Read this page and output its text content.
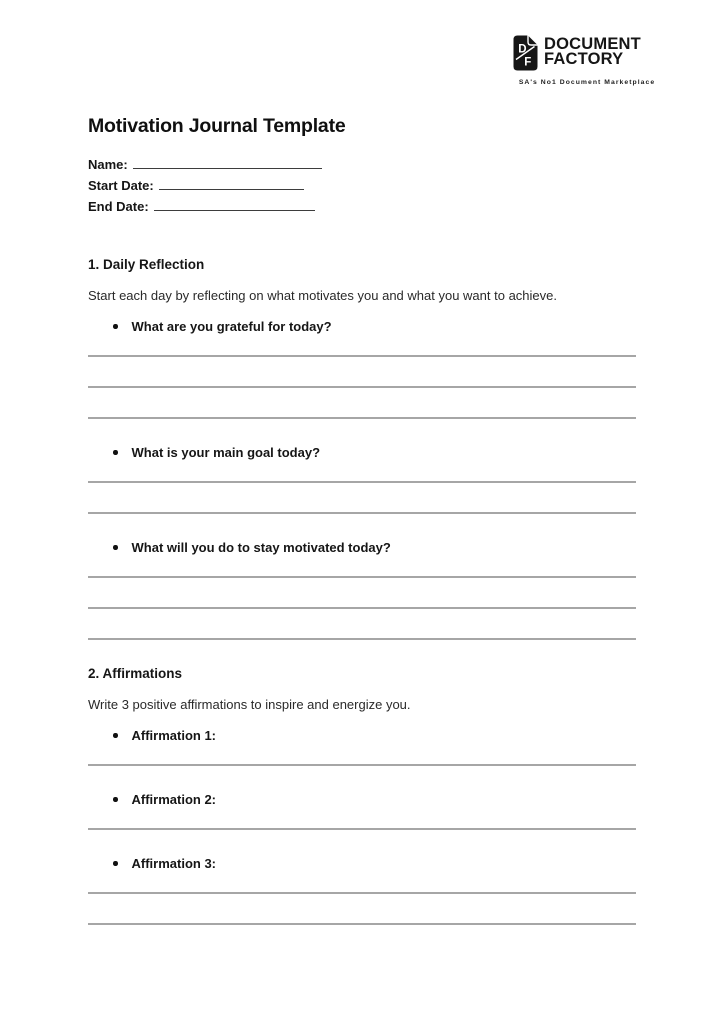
D
F
DOCUMENT
FACTORY
SA's No1 Document Marketplace
Motivation Journal Template
Name:
Start Date:
End Date:
1. Daily Reflection
Start each day by reflecting on what motivates you and what you want to achieve.
What are you grateful for today?
What is your main goal today?
What will you do to stay motivated today?
2. Affirmations
Write 3 positive affirmations to inspire and energize you.
Affirmation 1:
Affirmation 2:
Affirmation 3:
